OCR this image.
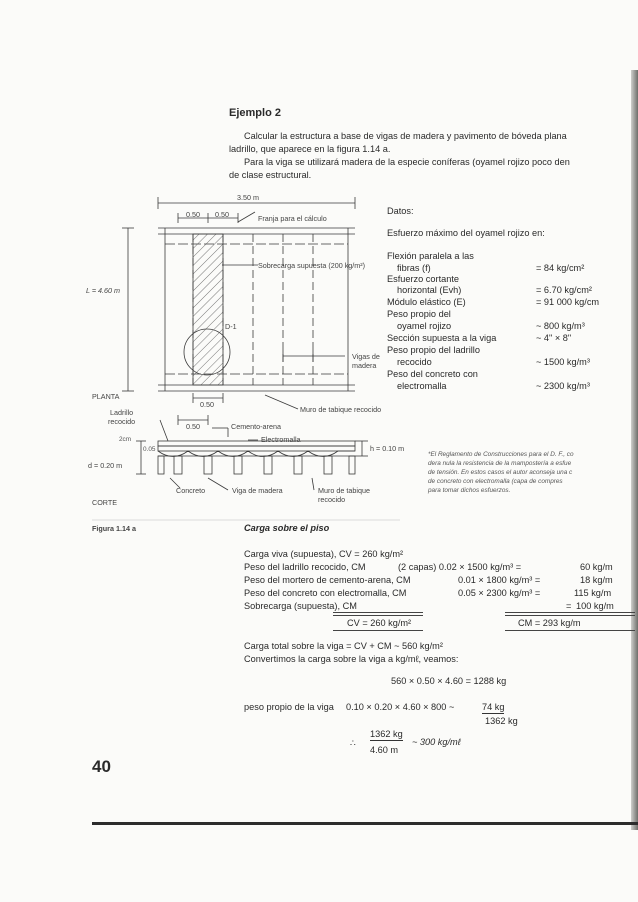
Ejemplo 2
Calcular la estructura a base de vigas de madera y pavimento de bóveda plana
ladrillo, que aparece en la figura 1.14 a.
Para la viga se utilizará madera de la especie coníferas (oyamel rojizo poco den
de clase estructural.
3.50 m
0.50 0.50	Franja para el cálculo
Sobrecarga supuesta (200 kg/m²)
L = 4.60 m
D-1
Vigas de
madera
PLANTA
0.50
Muro de tabique recocido
Ladrillo
recocido
0.50	Cemento-arena
Electromalla
2cm
0.05	h = 0.10 m
d = 0.20 m
Concreto	Viga de madera	Muro de tabique
recocido
CORTE
Figura 1.14 a
Datos:
Esfuerzo máximo del oyamel rojizo en:
Flexión paralela a las
fibras (f)	= 84 kg/cm²
Esfuerzo cortante
horizontal (Evh)	= 6.70 kg/cm²
Módulo elástico (E)	= 91 000 kg/cm
Peso propio del
oyamel rojizo	~ 800 kg/m³
Sección supuesta a la viga	~ 4" × 8"
Peso propio del ladrillo
recocido	~ 1500 kg/m³
Peso del concreto con
electromalla	~ 2300 kg/m³
*El Reglamento de Construcciones para el D. F., co
dera nula la resistencia de la mampostería a esfue
de tensión. En estos casos el autor aconseja una c
de concreto con electromalla (capa de compres
para tomar dichos esfuerzos.
Carga sobre el piso
Carga viva (supuesta), CV = 260 kg/m²
Peso del ladrillo recocido, CM	(2 capas) 0.02 × 1500 kg/m³ =	60 kg/m
Peso del mortero de cemento-arena, CM	0.01 × 1800 kg/m³ =	18 kg/m
Peso del concreto con electromalla, CM	0.05 × 2300 kg/m³ =	115 kg/m
Sobrecarga (supuesta), CM	= 100 kg/m
CV = 260 kg/m²	CM = 293 kg/m
Carga total sobre la viga = CV + CM ~ 560 kg/m²
Convertimos la carga sobre la viga a kg/mℓ, veamos:
560 × 0.50 × 4.60 = 1288 kg
peso propio de la viga 0.10 × 0.20 × 4.60 × 800 ~	74 kg
1362 kg
∴
1362 kg
4.60 m
~ 300 kg/mℓ
40
